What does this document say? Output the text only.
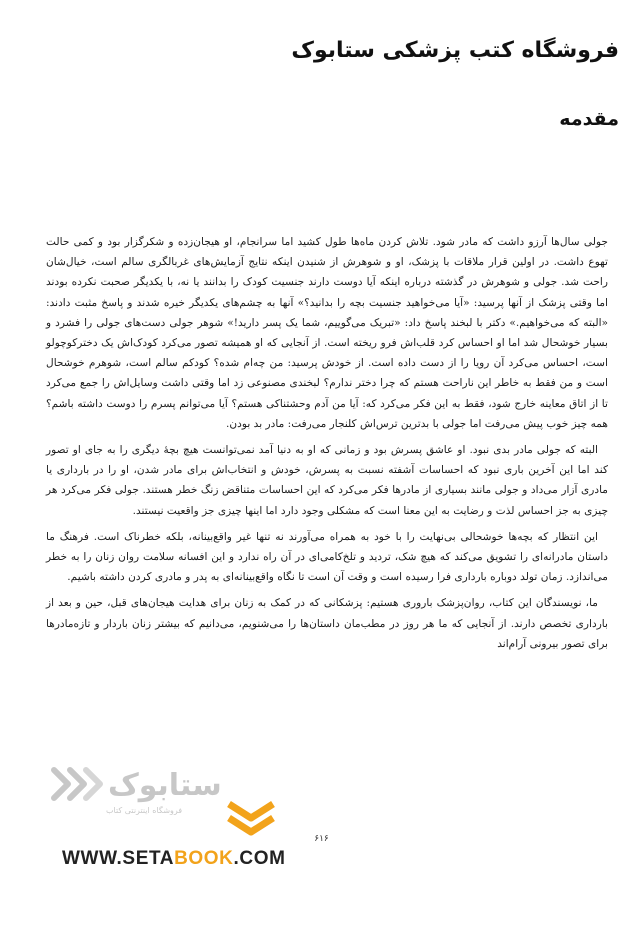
فروشگاه کتب پزشکی ستابوک
مقدمه

جولی سال‌ها آرزو داشت که مادر شود. تلاش کردن ماه‌ها طول کشید اما سرانجام، او هیجان‌زده و شکرگزار بود و کمی حالت تهوع داشت. در اولین قرار ملاقات با پزشک، او و شوهرش از شنیدن اینکه نتایج آزمایش‌های غربالگری سالم است، خیال‌شان راحت شد. جولی و شوهرش در گذشته درباره اینکه آیا دوست دارند جنسیت کودک را بدانند یا نه، با یکدیگر صحبت نکرده بودند اما وقتی پزشک از آنها پرسید: «آیا می‌خواهید جنسیت بچه را بدانید؟» آنها به چشم‌های یکدیگر خیره شدند و پاسخ مثبت دادند: «البته که می‌خواهیم.» دکتر با لبخند پاسخ داد: «تبریک می‌گوییم، شما یک پسر دارید!» شوهر جولی دست‌های جولی را فشرد و بسیار خوشحال شد اما او احساس کرد قلب‌اش فرو ریخته است. از آنجایی که او همیشه تصور می‌کرد کودک‌اش یک دخترکوچولو است، احساس می‌کرد آن رویا را از دست داده است. از خودش پرسید: من چه‌ام شده؟ کودکم سالم است، شوهرم خوشحال است و من فقط به خاطر این ناراحت هستم که چرا دختر ندارم؟ لبخندی مصنوعی زد اما وقتی داشت وسایل‌اش را جمع می‌کرد تا از اتاق معاینه خارج شود، فقط به این فکر می‌کرد که: آیا من آدم وحشتناکی هستم؟ آیا می‌توانم پسرم را دوست داشته باشم؟ همه چیز خوب پیش می‌رفت اما جولی با بدترین ترس‌اش کلنجار می‌رفت: مادر بد بودن.

البته که جولی مادر بدی نبود. او عاشق پسرش بود و زمانی که او به دنیا آمد نمی‌توانست هیچ بچهٔ دیگری را به جای او تصور کند اما این آخرین باری نبود که احساسات آشفته نسبت به پسرش، خودش و انتخاب‌اش برای مادر شدن، او را در بارداری یا مادری آزار می‌داد و جولی مانند بسیاری از مادرها فکر می‌کرد که این احساسات متناقض زنگ خطر هستند. جولی فکر می‌کرد هر چیزی به جز احساس لذت و رضایت به این معنا است که مشکلی وجود دارد اما اینها چیزی جز واقعیت نیستند.

این انتظار که بچه‌ها خوشحالی بی‌نهایت را با خود به همراه می‌آورند نه تنها غیر واقع‌بینانه، بلکه خطرناک است. فرهنگ ما داستان مادرانه‌ای را تشویق می‌کند که هیچ شک، تردید و تلخ‌کامی‌ای در آن راه ندارد و این افسانه سلامت روان زنان را به خطر می‌اندازد. زمان تولد دوباره بارداری فرا رسیده است و وقت آن است تا نگاه واقع‌بینانه‌ای به پدر و مادری کردن داشته باشیم.

ما، نویسندگان این کتاب، روان‌پزشک باروری هستیم: پزشکانی که در کمک به زنان برای هدایت هیجان‌های قبل، حین و بعد از بارداری تخصص دارند. از آنجایی که ما هر روز در مطب‌مان داستان‌ها را می‌شنویم، می‌دانیم که بیشتر زنان باردار و تازه‌مادرها برای تصور بیرونی آرام‌اند

ستابوک
فروشگاه اینترنتی کتاب
۶۱۶
WWW.SETABOOK.COM
